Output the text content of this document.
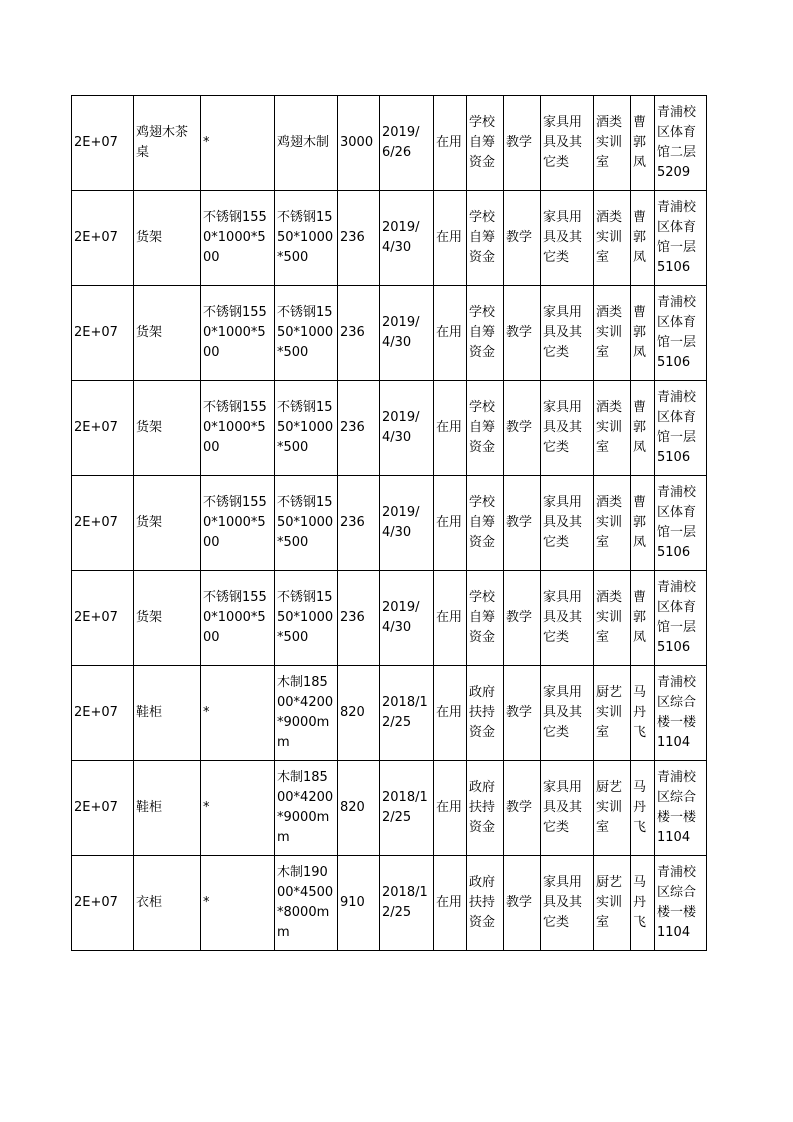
2E+07	鸡翅木茶桌	*	鸡翅木制	3000	2019/6/26	在用	学校自筹资金	教学	家具用具及其它类	酒类实训室	曹郭凤	青浦校区体育馆二层5209
2E+07	货架	不锈钢1550*1000*500	不锈钢1550*1000*500	236	2019/4/30	在用	学校自筹资金	教学	家具用具及其它类	酒类实训室	曹郭凤	青浦校区体育馆一层5106
2E+07	货架	不锈钢1550*1000*500	不锈钢1550*1000*500	236	2019/4/30	在用	学校自筹资金	教学	家具用具及其它类	酒类实训室	曹郭凤	青浦校区体育馆一层5106
2E+07	货架	不锈钢1550*1000*500	不锈钢1550*1000*500	236	2019/4/30	在用	学校自筹资金	教学	家具用具及其它类	酒类实训室	曹郭凤	青浦校区体育馆一层5106
2E+07	货架	不锈钢1550*1000*500	不锈钢1550*1000*500	236	2019/4/30	在用	学校自筹资金	教学	家具用具及其它类	酒类实训室	曹郭凤	青浦校区体育馆一层5106
2E+07	货架	不锈钢1550*1000*500	不锈钢1550*1000*500	236	2019/4/30	在用	学校自筹资金	教学	家具用具及其它类	酒类实训室	曹郭凤	青浦校区体育馆一层5106
2E+07	鞋柜	*	木制18500*4200*9000mm	820	2018/12/25	在用	政府扶持资金	教学	家具用具及其它类	厨艺实训室	马丹飞	青浦校区综合楼一楼1104
2E+07	鞋柜	*	木制18500*4200*9000mm	820	2018/12/25	在用	政府扶持资金	教学	家具用具及其它类	厨艺实训室	马丹飞	青浦校区综合楼一楼1104
2E+07	衣柜	*	木制19000*4500*8000mm	910	2018/12/25	在用	政府扶持资金	教学	家具用具及其它类	厨艺实训室	马丹飞	青浦校区综合楼一楼1104
